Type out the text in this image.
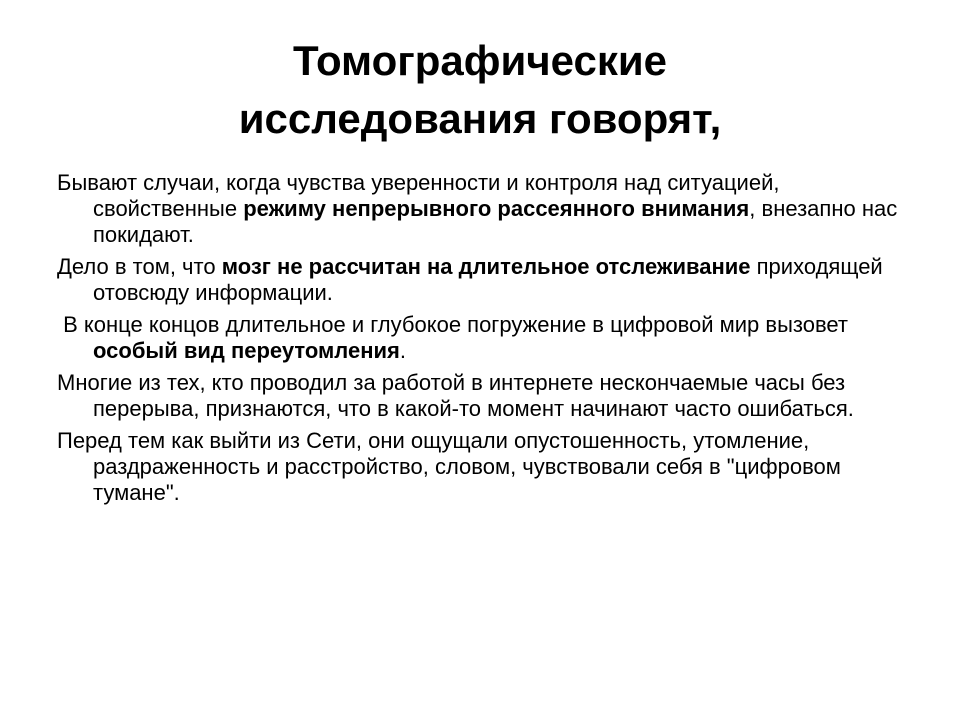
Томографические
исследования говорят,
Бывают случаи, когда чувства уверенности и контроля над ситуацией, свойственные режиму непрерывного рассеянного внимания, внезапно нас покидают.
Дело в том, что мозг не рассчитан на длительное отслеживание приходящей отовсюду информации.
В конце концов длительное и глубокое погружение в цифровой мир вызовет особый вид переутомления.
Многие из тех, кто проводил за работой в интернете нескончаемые часы без перерыва, признаются, что в какой-то момент начинают часто ошибаться.
Перед тем как выйти из Сети, они ощущали опустошенность, утомление, раздраженность и расстройство, словом, чувствовали себя в "цифровом тумане".
